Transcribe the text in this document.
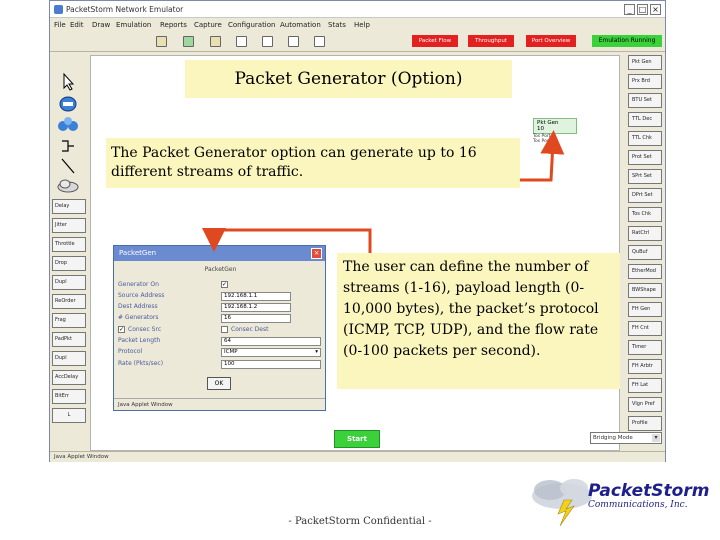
PacketStorm Network Emulator	_ □ ×
File Edit Draw Emulation Reports Capture Configuration Automation Stats Help
Packet Flow	Throughput	Port Overview	Emulation Running
Delay
Jitter
Throttle
Drop
Dupl
ReOrder
Frag
PadPkt
Dupl
AccDelay
BitErr
L
Pkt Gen
Prx Brd
BTU Set
TTL Dec
TTL Chk
Prot Set
SPrt Set
DPrt Set
Tos Chk
RatCtrl
QuBuf
EtherMod
BWShape
FH Gen
FH Cnt
Timer
FH Arbtr
FH Lat
Vlgn Pref
Profile
Start	Bridging Mode	▾
Java Applet Window
Pkt Gen
10
Tos Port 1
Tos Port 2
PacketGen	×
PacketGen
Generator On	✓
Source Address	192.168.1.1
Dest Address	192.168.1.2
# Generators	16
✓ Consec Src	Consec Dest
Packet Length	64
Protocol	ICMP	▾
Rate (Pkts/sec)	100
OK
Java Applet Window
Packet Generator (Option)
The Packet Generator option can generate up to 16 different streams of traffic.
The user can define the number of streams (1-16), payload length (0-10,000 bytes), the packet’s protocol (ICMP, TCP, UDP), and the flow rate (0-100 packets per second).
- PacketStorm Confidential -
PacketStorm
Communications, Inc.
